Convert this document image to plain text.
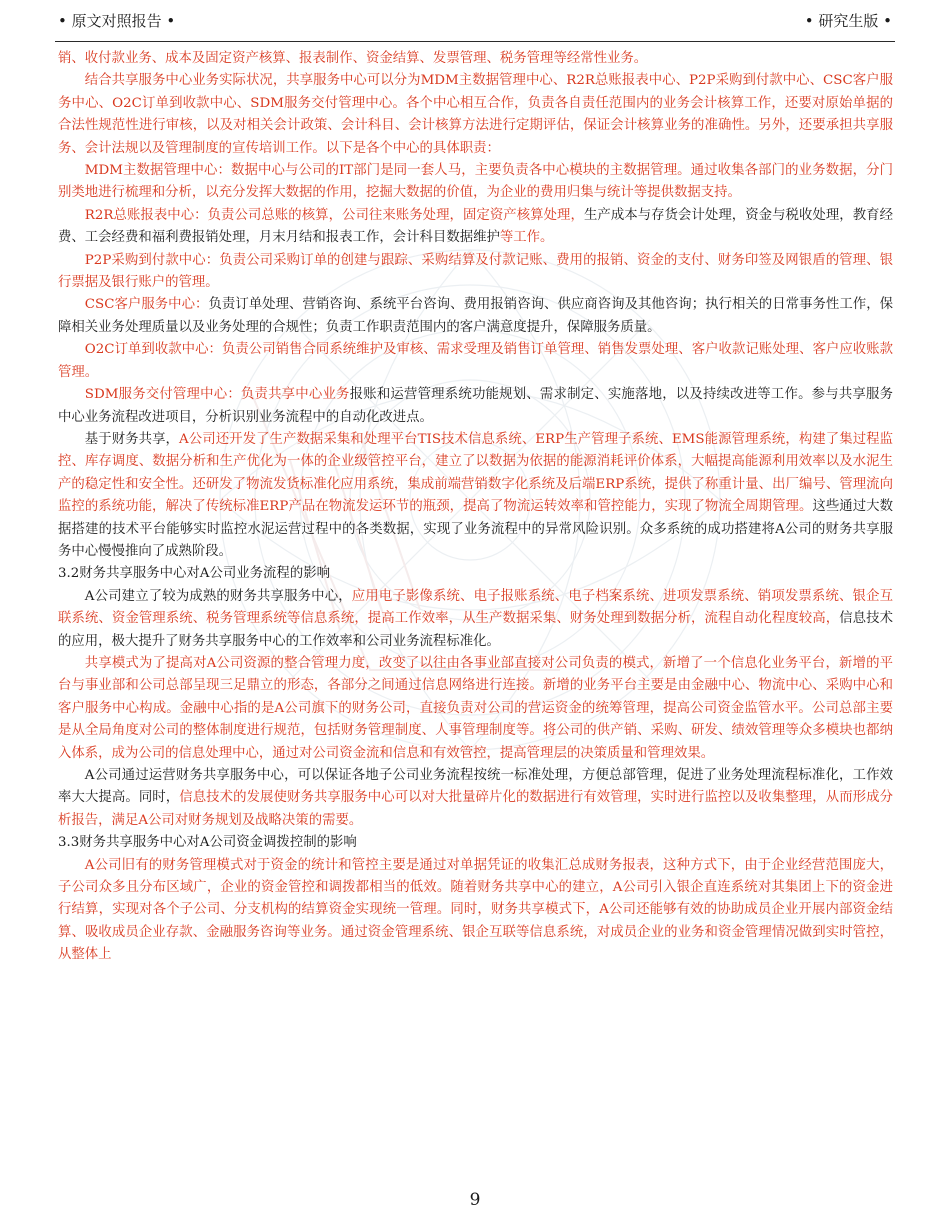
• 原文对照报告 •	• 研究生版 •

销、收付款业务、成本及固定资产核算、报表制作、资金结算、发票管理、税务管理等经常性业务。

结合共享服务中心业务实际状况，共享服务中心可以分为MDM主数据管理中心、R2R总账报表中心、P2P采购到付款中心、CSC客户服务中心、O2C订单到收款中心、SDM服务交付管理中心。各个中心相互合作，负责各自责任范围内的业务会计核算工作，还要对原始单据的合法性规范性进行审核，以及对相关会计政策、会计科目、会计核算方法进行定期评估，保证会计核算业务的准确性。另外，还要承担共享服务、会计法规以及管理制度的宣传培训工作。以下是各个中心的具体职责：

MDM主数据管理中心：数据中心与公司的IT部门是同一套人马，主要负责各中心模块的主数据管理。通过收集各部门的业务数据，分门别类地进行梳理和分析，以充分发挥大数据的作用，挖掘大数据的价值，为企业的费用归集与统计等提供数据支持。

R2R总账报表中心：负责公司总账的核算，公司往来账务处理，固定资产核算处理，生产成本与存货会计处理，资金与税收处理，教育经费、工会经费和福利费报销处理，月末月结和报表工作，会计科目数据维护等工作。

P2P采购到付款中心：负责公司采购订单的创建与跟踪、采购结算及付款记账、费用的报销、资金的支付、财务印签及网银盾的管理、银行票据及银行账户的管理。

CSC客户服务中心：负责订单处理、营销咨询、系统平台咨询、费用报销咨询、供应商咨询及其他咨询；执行相关的日常事务性工作，保障相关业务处理质量以及业务处理的合规性；负责工作职责范围内的客户满意度提升，保障服务质量。

O2C订单到收款中心：负责公司销售合同系统维护及审核、需求受理及销售订单管理、销售发票处理、客户收款记账处理、客户应收账款管理。

SDM服务交付管理中心：负责共享中心业务报账和运营管理系统功能规划、需求制定、实施落地，以及持续改进等工作。参与共享服务中心业务流程改进项目，分析识别业务流程中的自动化改进点。

基于财务共享，A公司还开发了生产数据采集和处理平台TIS技术信息系统、ERP生产管理子系统、EMS能源管理系统，构建了集过程监控、库存调度、数据分析和生产优化为一体的企业级管控平台，建立了以数据为依据的能源消耗评价体系，大幅提高能源利用效率以及水泥生产的稳定性和安全性。还研发了物流发货标准化应用系统，集成前端营销数字化系统及后端ERP系统，提供了称重计量、出厂编号、管理流向监控的系统功能，解决了传统标准ERP产品在物流发运环节的瓶颈，提高了物流运转效率和管控能力，实现了物流全周期管理。这些通过大数据搭建的技术平台能够实时监控水泥运营过程中的各类数据，实现了业务流程中的异常风险识别。众多系统的成功搭建将A公司的财务共享服务中心慢慢推向了成熟阶段。

3.2财务共享服务中心对A公司业务流程的影响

A公司建立了较为成熟的财务共享服务中心，应用电子影像系统、电子报账系统、电子档案系统、进项发票系统、销项发票系统、银企互联系统、资金管理系统、税务管理系统等信息系统，提高工作效率，从生产数据采集、财务处理到数据分析，流程自动化程度较高，信息技术的应用，极大提升了财务共享服务中心的工作效率和公司业务流程标准化。

共享模式为了提高对A公司资源的整合管理力度，改变了以往由各事业部直接对公司负责的模式，新增了一个信息化业务平台，新增的平台与事业部和公司总部呈现三足鼎立的形态，各部分之间通过信息网络进行连接。新增的业务平台主要是由金融中心、物流中心、采购中心和客户服务中心构成。金融中心指的是A公司旗下的财务公司，直接负责对公司的营运资金的统筹管理，提高公司资金监管水平。公司总部主要是从全局角度对公司的整体制度进行规范，包括财务管理制度、人事管理制度等。将公司的供产销、采购、研发、绩效管理等众多模块也都纳入体系，成为公司的信息处理中心，通过对公司资金流和信息和有效管控，提高管理层的决策质量和管理效果。

A公司通过运营财务共享服务中心，可以保证各地子公司业务流程按统一标准处理，方便总部管理，促进了业务处理流程标准化，工作效率大大提高。同时，信息技术的发展使财务共享服务中心可以对大批量碎片化的数据进行有效管理，实时进行监控以及收集整理，从而形成分析报告，满足A公司对财务规划及战略决策的需要。

3.3财务共享服务中心对A公司资金调拨控制的影响

A公司旧有的财务管理模式对于资金的统计和管控主要是通过对单据凭证的收集汇总成财务报表，这种方式下，由于企业经营范围庞大，子公司众多且分布区域广，企业的资金管控和调拨都相当的低效。随着财务共享中心的建立，A公司引入银企直连系统对其集团上下的资金进行结算，实现对各个子公司、分支机构的结算资金实现统一管理。同时，财务共享模式下，A公司还能够有效的协助成员企业开展内部资金结算、吸收成员企业存款、金融服务咨询等业务。通过资金管理系统、银企互联等信息系统，对成员企业的业务和资金管理情况做到实时管控，从整体上

9
